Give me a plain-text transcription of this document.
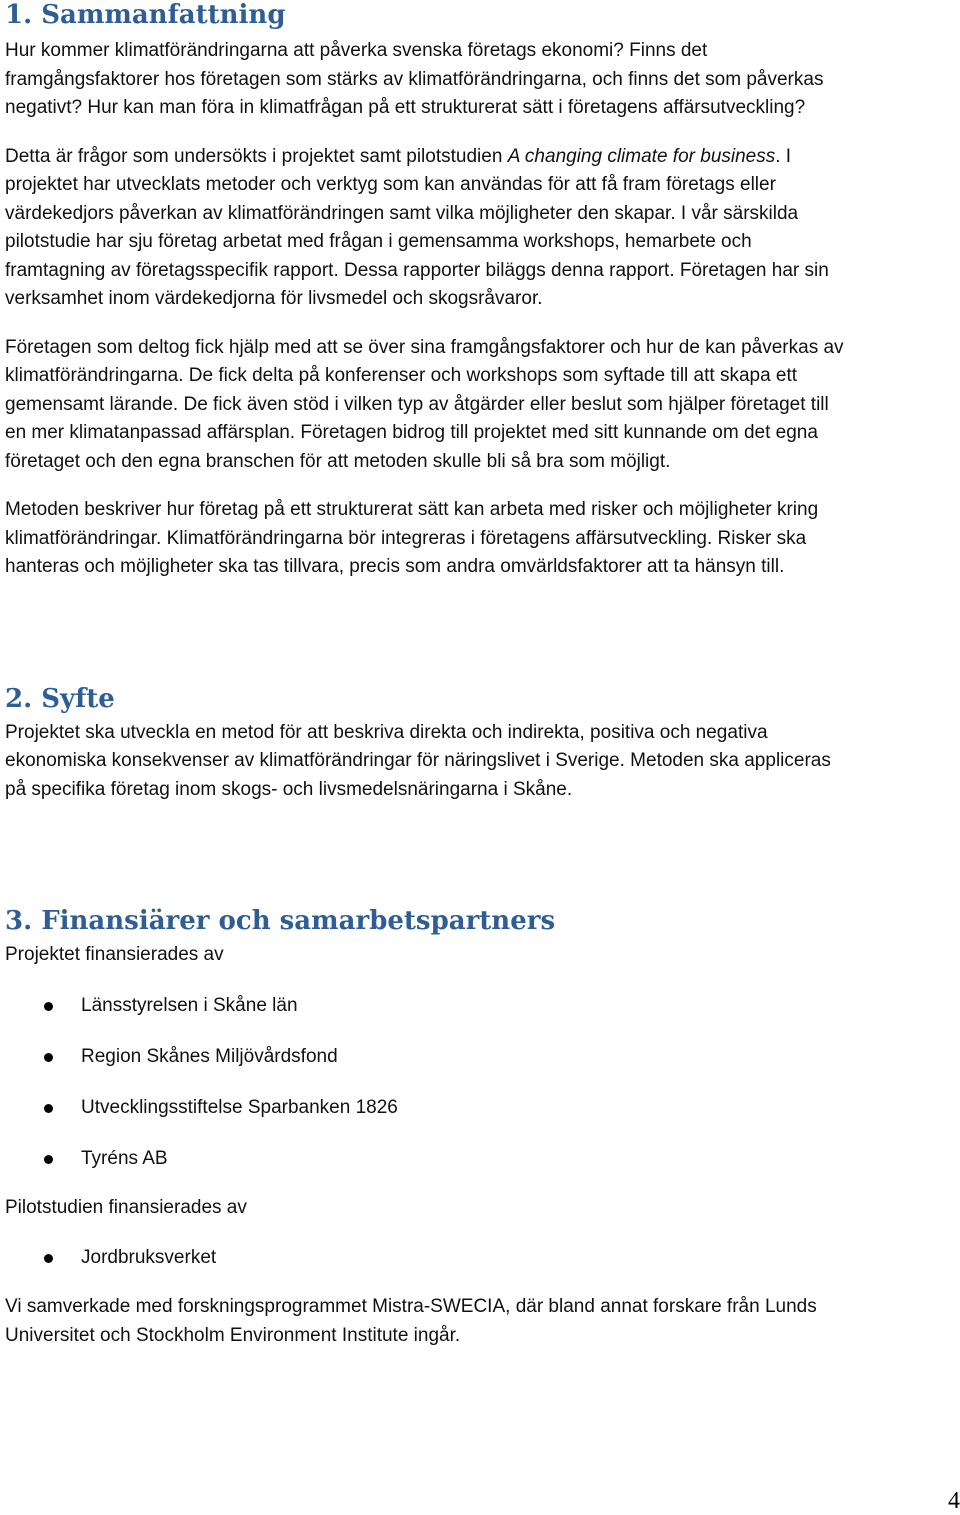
1. Sammanfattning
Hur kommer klimatförändringarna att påverka svenska företags ekonomi? Finns det
framgångsfaktorer hos företagen som stärks av klimatförändringarna, och finns det som påverkas
negativt? Hur kan man föra in klimatfrågan på ett strukturerat sätt i företagens affärsutveckling?
Detta är frågor som undersökts i projektet samt pilotstudien A changing climate for business. I
projektet har utvecklats metoder och verktyg som kan användas för att få fram företags eller
värdekedjors påverkan av klimatförändringen samt vilka möjligheter den skapar. I vår särskilda
pilotstudie har sju företag arbetat med frågan i gemensamma workshops, hemarbete och
framtagning av företagsspecifik rapport. Dessa rapporter biläggs denna rapport. Företagen har sin
verksamhet inom värdekedjorna för livsmedel och skogsråvaror.
Företagen som deltog fick hjälp med att se över sina framgångsfaktorer och hur de kan påverkas av
klimatförändringarna. De fick delta på konferenser och workshops som syftade till att skapa ett
gemensamt lärande. De fick även stöd i vilken typ av åtgärder eller beslut som hjälper företaget till
en mer klimatanpassad affärsplan. Företagen bidrog till projektet med sitt kunnande om det egna
företaget och den egna branschen för att metoden skulle bli så bra som möjligt.
Metoden beskriver hur företag på ett strukturerat sätt kan arbeta med risker och möjligheter kring
klimatförändringar. Klimatförändringarna bör integreras i företagens affärsutveckling. Risker ska
hanteras och möjligheter ska tas tillvara, precis som andra omvärldsfaktorer att ta hänsyn till.
2. Syfte
Projektet ska utveckla en metod för att beskriva direkta och indirekta, positiva och negativa
ekonomiska konsekvenser av klimatförändringar för näringslivet i Sverige. Metoden ska appliceras
på specifika företag inom skogs- och livsmedelsnäringarna i Skåne.
3. Finansiärer och samarbetspartners
Projektet finansierades av
Länsstyrelsen i Skåne län
Region Skånes Miljövårdsfond
Utvecklingsstiftelse Sparbanken 1826
Tyréns AB
Pilotstudien finansierades av
Jordbruksverket
Vi samverkade med forskningsprogrammet Mistra-SWECIA, där bland annat forskare från Lunds
Universitet och Stockholm Environment Institute ingår.
4
